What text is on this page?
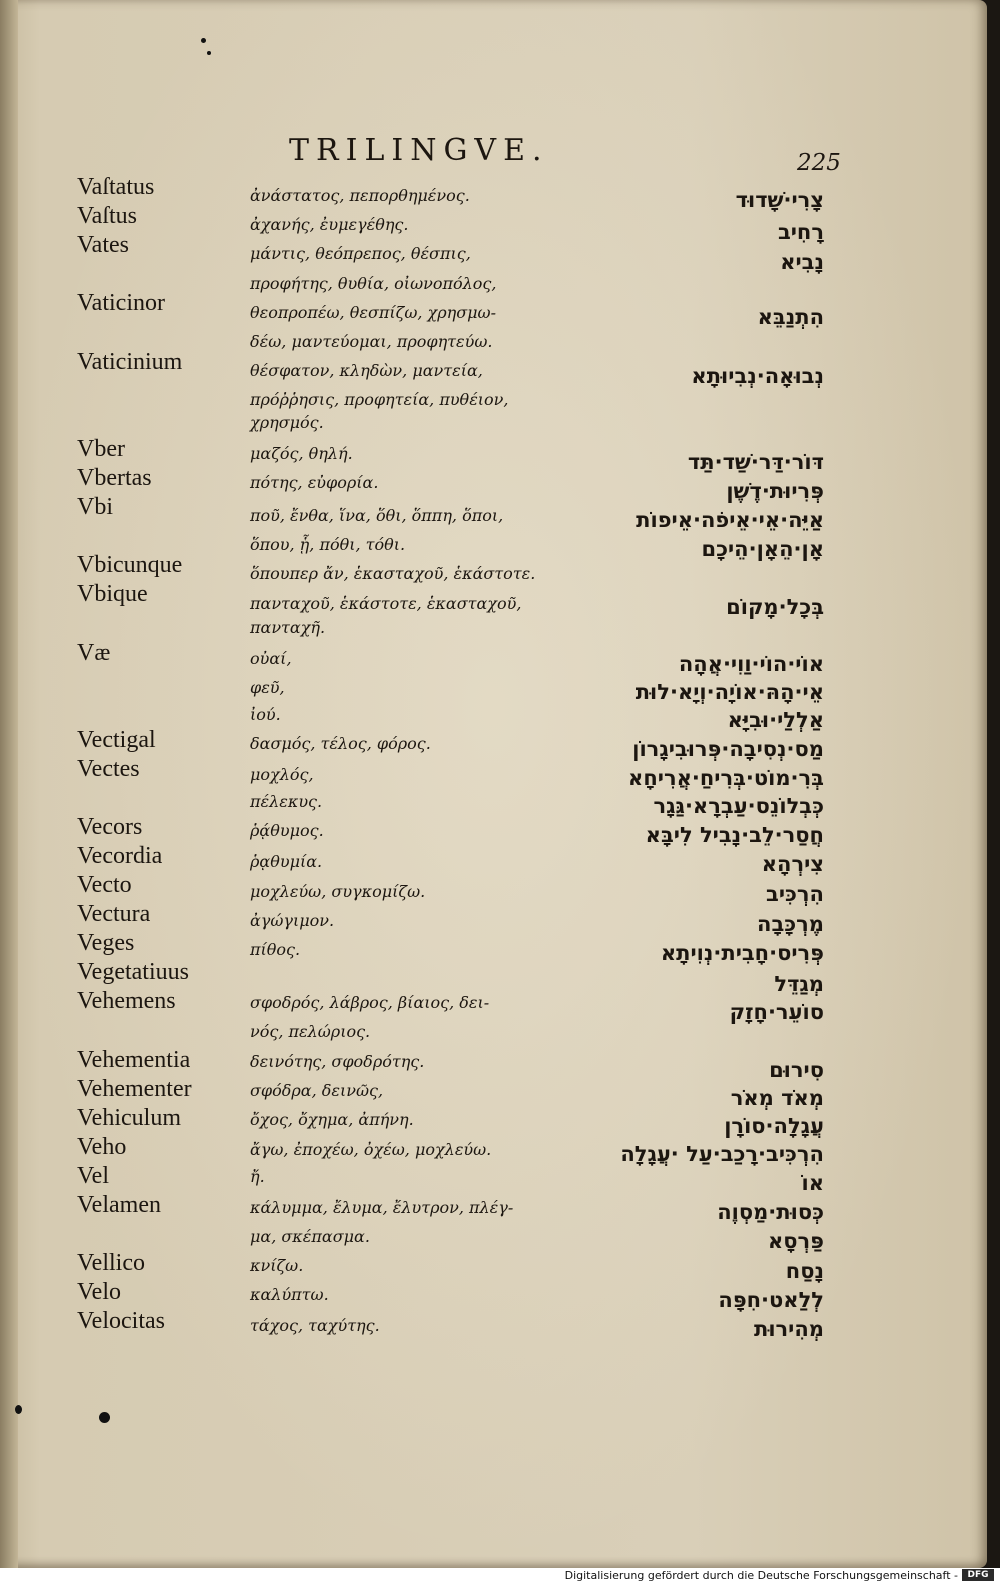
TRILINGVE.	225
Vaſtatus
Vaſtus
Vates
Vaticinor
Vaticinium
Vber
Vbertas
Vbi
Vbicunque
Vbique
Væ
Vectigal
Vectes
Vecors
Vecordia
Vecto
Vectura
Veges
Vegetatiuus
Vehemens
Vehementia
Vehementer
Vehiculum
Veho
Vel
Velamen
Vellico
Velo
Velocitas
ἀνάστατος, πεπορθημένος.
ἀχανής, ἐυμεγέθης.
μάντις, θεόπρεπος, θέσπις,
προφήτης, θυθία, οἰωνοπόλος,
θεοπροπέω, θεσπίζω, χρησμω-
δέω, μαντεύομαι, προφητεύω.
θέσφατον, κληδὼν, μαντεία,
πρόῤῥησις, προφητεία, πυθέιον,
χρησμός.
μαζός, θηλή.
πότης, εὐφορία.
ποῦ, ἔνθα, ἵνα, ὅθι, ὅππη, ὅποι,
ὅπου, ᾗ, πόθι, τόθι.
ὅπουπερ ἄν, ἑκασταχοῦ, ἑκάστοτε.
πανταχοῦ, ἑκάστοτε, ἑκασταχοῦ,
πανταχῆ.
οὐαί,
φεῦ,
ἰού.
δασμός, τέλος, φόρος.
μοχλός,
πέλεκυς.
ῥᾴθυμος.
ῥᾳθυμία.
μοχλεύω, συγκομίζω.
ἀγώγιμον.
πίθος.
σφοδρός, λάβρος, βίαιος, δει-
νός, πελώριος.
δεινότης, σφοδρότης.
σφόδρα, δεινῶς,
ὄχος, ὄχημα, ἀπήνη.
ἄγω, ἐποχέω, ὀχέω, μοχλεύω.
ἤ.
κάλυμμα, ἔλυμα, ἔλυτρον, πλέγ-
μα, σκέπασμα.
κνίζω.
καλύπτω.
τάχος, ταχύτης.
צָרִי·שָׁדוּד
רָחִיב
נָבִיא
הִתְנַבֵּא
נְבוּאָה·נְבִיוּתָא
דּוֹר·דַּר·שַׁד·תַּד
פְּרִיוּת·דֶשֶׁן
אַיֵּה·אֵי·אֵיפֹה·אֵיפוֹת
אָן·הֵאָן·הֵיכָם
בְּכָל·מָקוֹם
אוֹי·הוֹי·וַוִי·אֲהָה
אֵי·הָהּ·אוֹיָה·וְיָא·לוּת
אַלְלַי·וּבִיָּא
מַס·נְסִיבָה·פְּרוּבִיגָרוֹן
בְּרִ·מוֹט·בְּרִיחַ·אֲרִיחָא
כְּבְלוֹנֵס·עַבְרָא·גַּגָר
חֲסַר·לֵב·נָבִיל לִיבָּא
צִירְהָא
הִרְכִּיב
מֶרְכָּבָה
פְּרִיס·חָבִית·נְוִיתָא
מְגַדֵּל
סוֹעֵר·חָזָק
סִירוּם
מְאֹד מְאֹר
עֲגָלָה·סוֹרָן
הִרְכִּיב·רָכַב·עַל ·עֲגָלָה
אוֹ
כְּסוּת·מַסְוֶה
פַּרְסָא
נָסַח
לְלַאט·חִפָּה
מְהִירוּת
Digitalisierung gefördert durch die Deutsche Forschungsgemeinschaft -	DFG
